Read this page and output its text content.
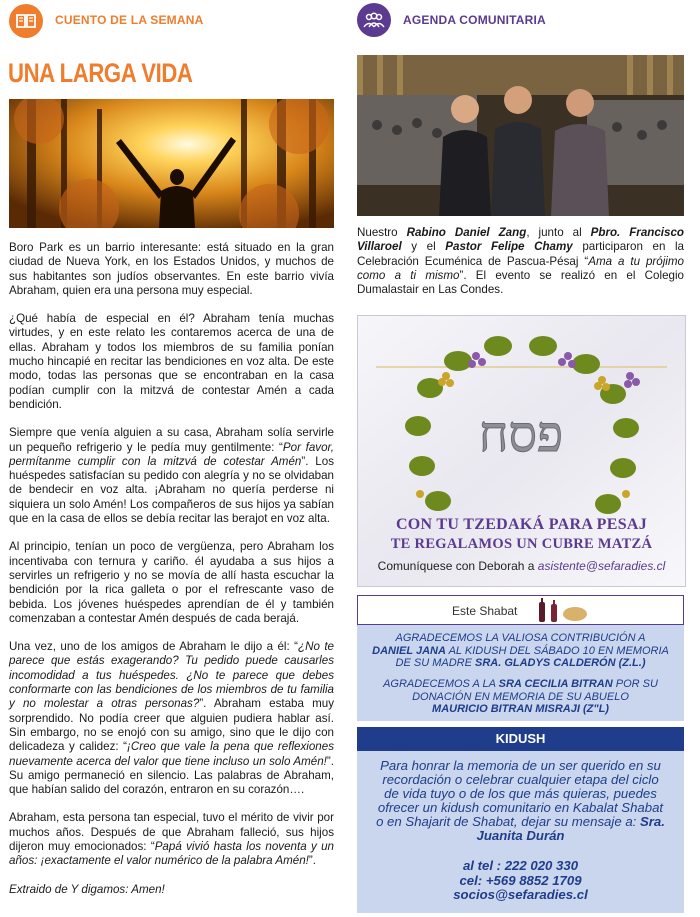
CUENTO DE LA SEMANA
UNA LARGA VIDA

Boro Park es un barrio interesante: está situado en la gran ciudad de Nueva York, en los Estados Unidos, y muchos de sus habitantes son judíos observantes. En este barrio vivía Abraham, quien era una persona muy especial.

¿Qué había de especial en él? Abraham tenía muchas virtudes, y en este relato les contaremos acerca de una de ellas. Abraham y todos los miembros de su familia ponían mucho hincapié en recitar las bendiciones en voz alta. De este modo, todas las personas que se encontraban en la casa podían cumplir con la mitzvá de contestar Amén a cada bendición.

Siempre que venía alguien a su casa, Abraham solía servirle un pequeño refrigerio y le pedía muy gentilmente: “Por favor, permítanme cumplir con la mitzvá de cotestar Amén”. Los huéspedes satisfacían su pedido con alegría y no se olvidaban de bendecir en voz alta. ¡Abraham no quería perderse ni siquiera un solo Amén! Los compañeros de sus hijos ya sabían que en la casa de ellos se debía recitar las berajot en voz alta.

Al principio, tenían un poco de vergüenza, pero Abraham los incentivaba con ternura y cariño. él ayudaba a sus hijos a servirles un refrigerio y no se movía de allí hasta escuchar la bendición por la rica galleta o por el refrescante vaso de bebida. Los jóvenes huéspedes aprendían de él y también comenzaban a contestar Amén después de cada berajá.

Una vez, uno de los amigos de Abraham le dijo a él: “¿No te parece que estás exagerando? Tu pedido puede causarles incomodidad a tus huéspedes. ¿No te parece que debes conformarte con las bendiciones de los miembros de tu familia y no molestar a otras personas?”. Abraham estaba muy sorprendido. No podía creer que alguien pudiera hablar así. Sin embargo, no se enojó con su amigo, sino que le dijo con delicadeza y calidez: “¡Creo que vale la pena que reflexiones nuevamente acerca del valor que tiene incluso un solo Amén!”. Su amigo permaneció en silencio. Las palabras de Abraham, que habían salido del corazón, entraron en su corazón….

Abraham, esta persona tan especial, tuvo el mérito de vivir por muchos años. Después de que Abraham falleció, sus hijos dijeron muy emocionados: “Papá vivió hasta los noventa y un años: ¡exactamente el valor numérico de la palabra Amén!”.

Extraido de Y digamos: Amen!

AGENDA COMUNITARIA
Nuestro Rabino Daniel Zang, junto al Pbro. Francisco Villaroel y el Pastor Felipe Chamy participaron en la Celebración Ecuménica de Pascua-Pésaj “Ama a tu prójimo como a ti mismo”. El evento se realizó en el Colegio Dumalastair en Las Condes.
פסח
CON TU TZEDAKÁ PARA PESAJ
TE REGALAMOS UN CUBRE MATZÁ
Comuníquese con Deborah a asistente@sefaradies.cl
Este Shabat
AGRADECEMOS LA VALIOSA CONTRIBUCIÓN A
DANIEL JANA AL KIDUSH DEL SÁBADO 10 EN MEMORIA
DE SU MADRE SRA. GLADYS CALDERÓN (Z.L.)
AGRADECEMOS A LA SRA CECILIA BITRAN POR SU
DONACIÓN EN MEMORIA DE SU ABUELO
MAURICIO BITRAN MISRAJI (Z"L)
KIDUSH
Para honrar la memoria de un ser querido en su recordación o celebrar cualquier etapa del ciclo de vida tuyo o de los que más quieras, puedes ofrecer un kidush comunitario en Kabalat Shabat o en Shajarit de Shabat, dejar su mensaje a: Sra. Juanita Durán
al tel : 222 020 330
cel: +569 8852 1709
socios@sefaradies.cl
